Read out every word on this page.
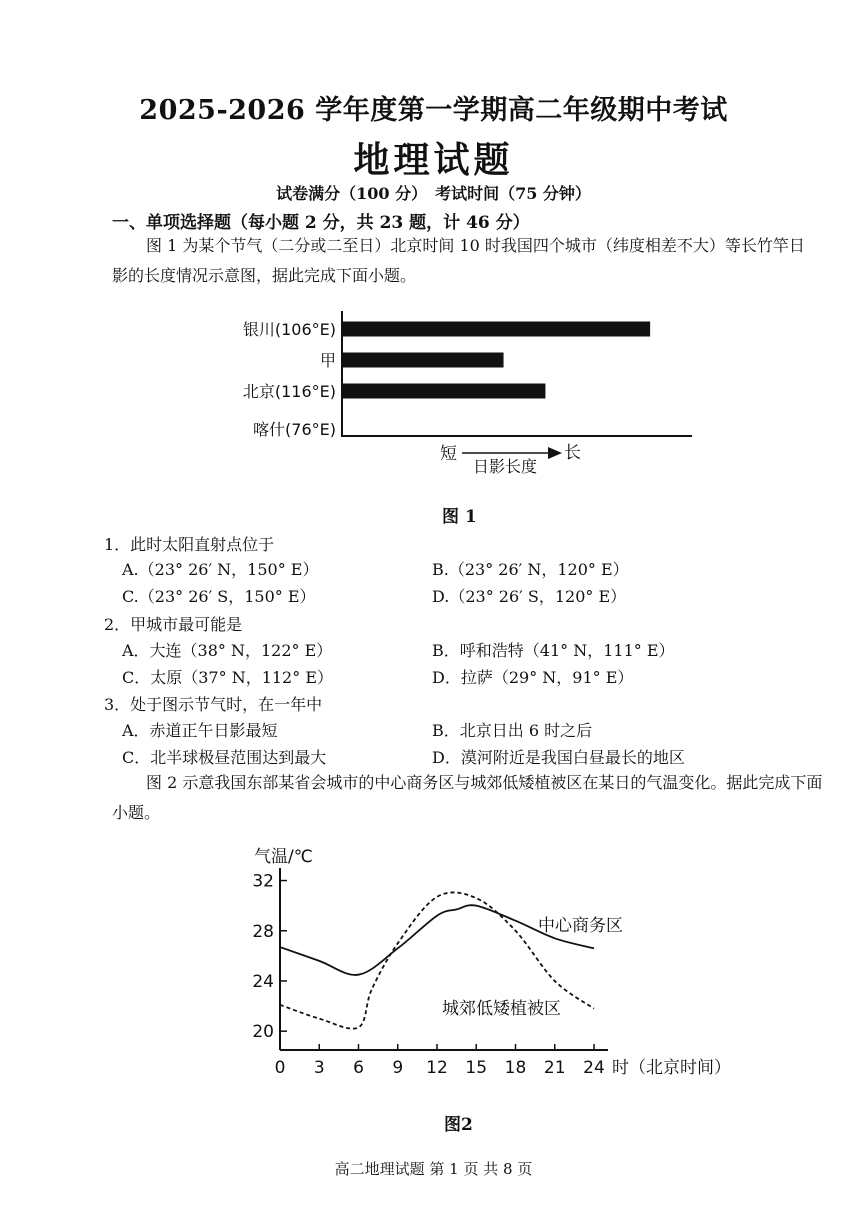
2025-2026 学年度第一学期高二年级期中考试
地理试题
试卷满分（100 分）　考试时间（75 分钟）
一、单项选择题（每小题 2 分，共 23 题，计 46 分）
图 1 为某个节气（二分或二至日）北京时间 10 时我国四个城市（纬度相差不大）等长竹竿日影的长度情况示意图，据此完成下面小题。
银川(106°E)
甲
北京(116°E)
喀什(76°E)
短	长
日影长度
图 1
1．此时太阳直射点位于
A.（23° 26′ N，150° E）	B.（23° 26′ N，120° E）
C.（23° 26′ S，150° E）	D.（23° 26′ S，120° E）
2．甲城市最可能是
A．大连（38° N，122° E）	B．呼和浩特（41° N，111° E）
C．太原（37° N，112° E）	D．拉萨（29° N，91° E）
3．处于图示节气时，在一年中
A．赤道正午日影最短	B．北京日出 6 时之后
C．北半球极昼范围达到最大	D．漠河附近是我国白昼最长的地区
图 2 示意我国东部某省会城市的中心商务区与城郊低矮植被区在某日的气温变化。据此完成下面小题。
气温/℃
20
24
28
32
0 3 6 9 12 15 18 21 24 时（北京时间）
中心商务区
城郊低矮植被区
图2
高二地理试题 第 1 页 共 8 页
